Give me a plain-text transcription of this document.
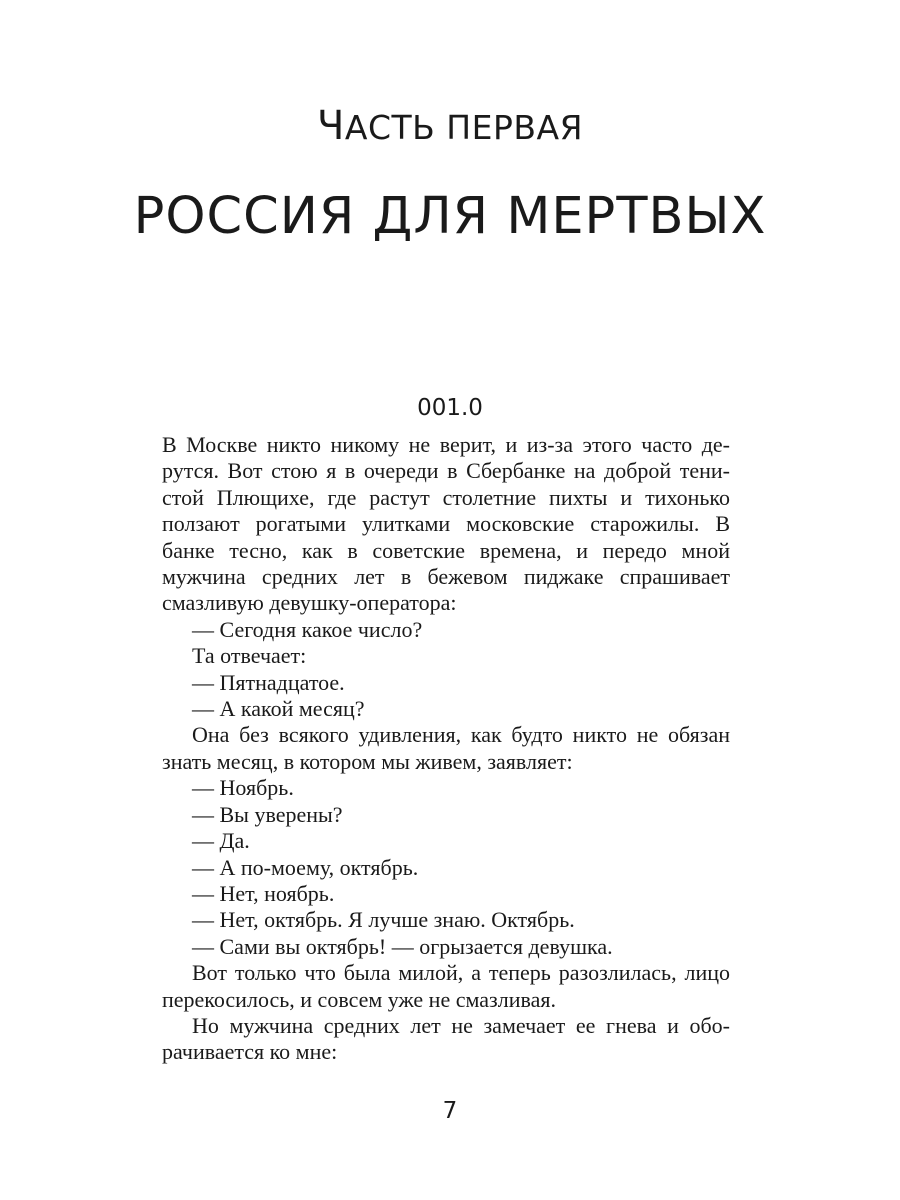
ЧАСТЬ ПЕРВАЯ
РОССИЯ ДЛЯ МЕРТВЫХ
001.0

В Москве никто никому не верит, и из-за этого часто дерутся. Вот стою я в очереди в Сбербанке на доброй тенистой Плющихе, где растут столетние пихты и тихонько ползают рогатыми улитками московские старожилы. В банке тесно, как в советские времена, и передо мной мужчина средних лет в бежевом пиджаке спрашивает смазливую девушку-оператора:

— Сегодня какое число?

Та отвечает:

— Пятнадцатое.

— А какой месяц?

Она без всякого удивления, как будто никто не обязан знать месяц, в котором мы живем, заявляет:

— Ноябрь.

— Вы уверены?

— Да.

— А по-моему, октябрь.

— Нет, ноябрь.

— Нет, октябрь. Я лучше знаю. Октябрь.

— Сами вы октябрь! — огрызается девушка.

Вот только что была милой, а теперь разозлилась, лицо перекосилось, и совсем уже не смазливая.

Но мужчина средних лет не замечает ее гнева и оборачивается ко мне:

7
